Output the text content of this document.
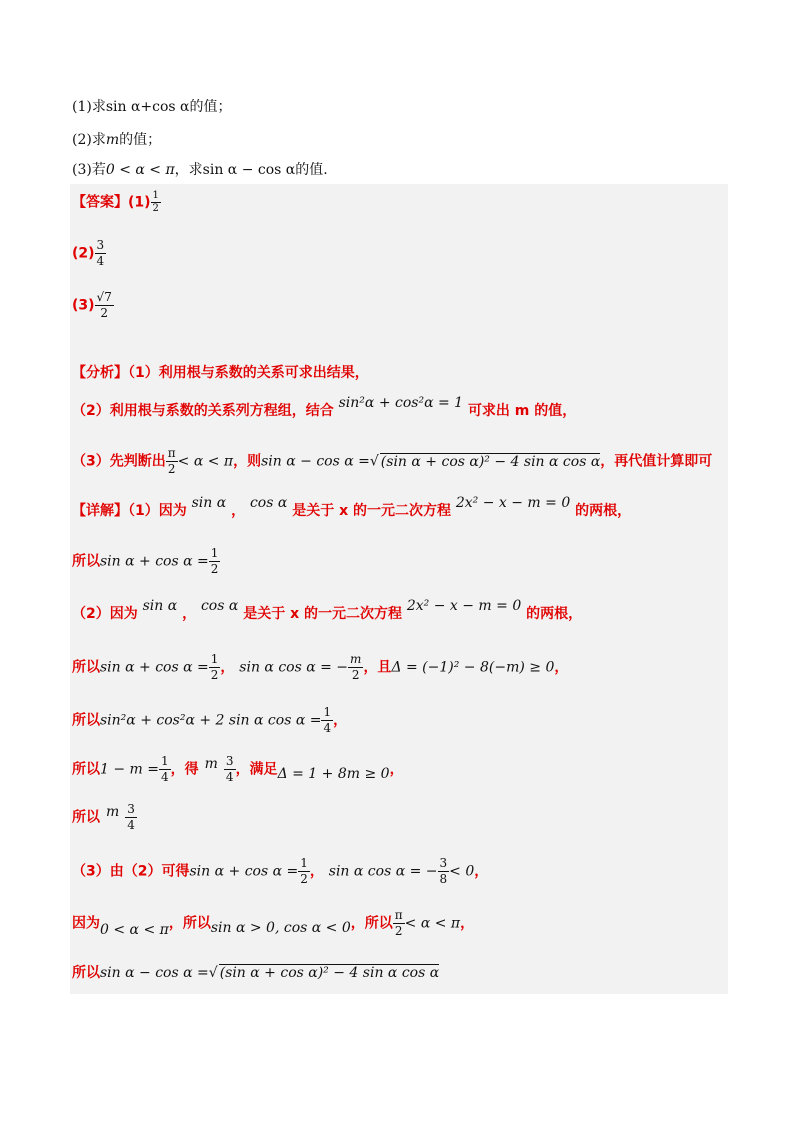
(1)求sin α+cos α的值；
(2)求m的值；
(3)若0 < α < π，求sin α − cos α的值.
【答案】$(1) \frac{1}{2}$
$(2) \frac{3}{4}$
$(3) \frac{√7}{2}$
【分析】（1）利用根与系数的关系可求出结果，
（2）利用根与系数的关系列方程组，结合 sin²α + cos²α = 1 可求出 m 的值，
（3）先判断出 $\frac{\pi}{2} < \alpha < \pi$，则sin α − cos α =√ (sin α + cos α)² − 4 sin α cos α，再代值计算即可
【详解】（1）因为 sin α ， cos α 是关于 x 的一元二次方程 2x² − x − m = 0 的两根，
所以$\sin \alpha + \cos \alpha = \frac{1}{2}$
（2）因为 sin α ， cos α 是关于 x 的一元二次方程 2x² − x − m = 0 的两根，
所以$\sin \alpha + \cos \alpha = \frac{1}{2}$ ， sin α cos α = − $\frac{m}{2}$ ，且Δ = (−1)² − 8(−m) ≥ 0，
所以sin²α + cos²α + 2 sin α $\cos \alpha = \frac{1}{4}$ ，
所以$1 - m = \frac{1}{4}$ ，得 m $\frac{3}{4}$ ，满足Δ = 1 + 8m ≥ 0，
所以 m $\frac{3}{4}$
（3）由（2）可得$\sin \alpha + \cos \alpha = \frac{1}{2}$ ， sin α cos α = − $\frac{3}{8} < 0$，
因为0 < α < π，所以sin α > 0, cos α < 0，所以 $\frac{\pi}{2} < \alpha < \pi$，
所以sin α − cos α =√ (sin α + cos α)² − 4 sin α cos α
